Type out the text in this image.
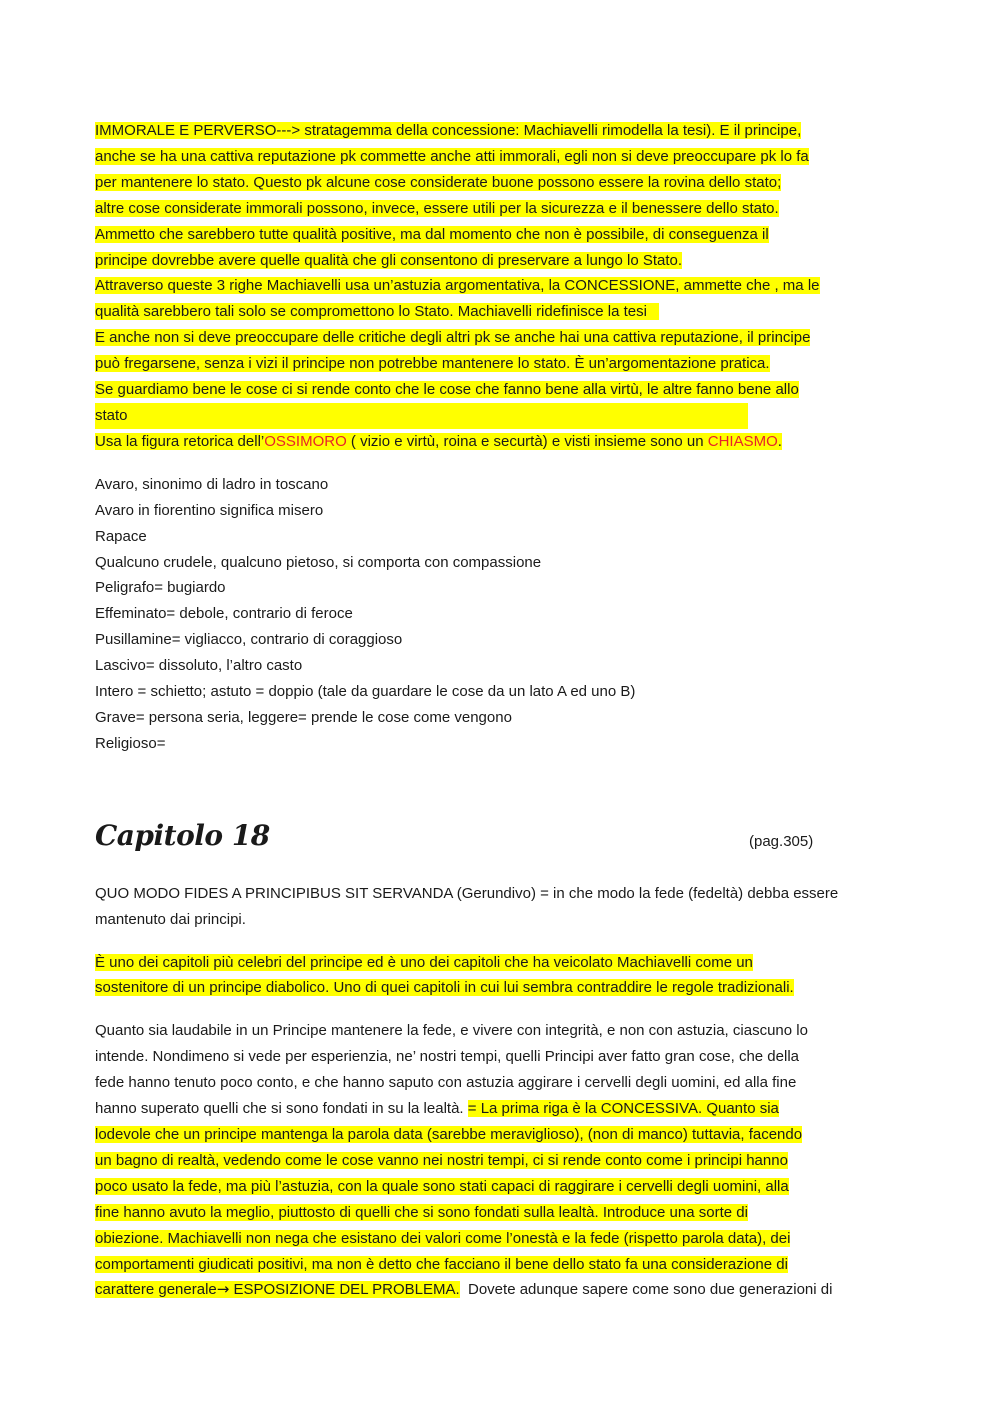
IMMORALE E PERVERSO---> stratagemma della concessione: Machiavelli rimodella la tesi). E il principe,
anche se ha una cattiva reputazione pk commette anche atti immorali, egli non si deve preoccupare pk lo fa
per mantenere lo stato. Questo pk alcune cose considerate buone possono essere la rovina dello stato;
altre cose considerate immorali possono, invece, essere utili per la sicurezza e il benessere dello stato.
Ammetto che sarebbero tutte qualità positive, ma dal momento che non è possibile, di conseguenza il
principe dovrebbe avere quelle qualità che gli consentono di preservare a lungo lo Stato.
Attraverso queste 3 righe Machiavelli usa un’astuzia argomentativa, la CONCESSIONE, ammette che , ma le
qualità sarebbero tali solo se compromettono lo Stato. Machiavelli ridefinisce la tesi
E anche non si deve preoccupare delle critiche degli altri pk se anche hai una cattiva reputazione, il principe
può fregarsene, senza i vizi il principe non potrebbe mantenere lo stato. È un’argomentazione pratica.
Se guardiamo bene le cose ci si rende conto che le cose che fanno bene alla virtù, le altre fanno bene allo
stato
Usa la figura retorica dell’OSSIMORO ( vizio e virtù, roina e securtà) e visti insieme sono un CHIASMO.
Avaro, sinonimo di ladro in toscano
Avaro in fiorentino significa misero
Rapace
Qualcuno crudele, qualcuno pietoso, si comporta con compassione
Peligrafo= bugiardo
Effeminato= debole, contrario di feroce
Pusillamine= vigliacco, contrario di coraggioso
Lascivo= dissoluto, l’altro casto
Intero = schietto; astuto = doppio (tale da guardare le cose da un lato A ed uno B)
Grave= persona seria, leggere= prende le cose come vengono
Religioso=
Capitolo 18	(pag.305)
QUO MODO FIDES A PRINCIPIBUS SIT SERVANDA (Gerundivo) = in che modo la fede (fedeltà) debba essere
mantenuto dai principi.
È uno dei capitoli più celebri del principe ed è uno dei capitoli che ha veicolato Machiavelli come un
sostenitore di un principe diabolico. Uno di quei capitoli in cui lui sembra contraddire le regole tradizionali.
Quanto sia laudabile in un Principe mantenere la fede, e vivere con integrità, e non con astuzia, ciascuno lo
intende. Nondimeno si vede per esperienzia, ne’ nostri tempi, quelli Principi aver fatto gran cose, che della
fede hanno tenuto poco conto, e che hanno saputo con astuzia aggirare i cervelli degli uomini, ed alla fine
hanno superato quelli che si sono fondati in su la lealtà. = La prima riga è la CONCESSIVA. Quanto sia
lodevole che un principe mantenga la parola data (sarebbe meraviglioso), (non di manco) tuttavia, facendo
un bagno di realtà, vedendo come le cose vanno nei nostri tempi, ci si rende conto come i principi hanno
poco usato la fede, ma più l’astuzia, con la quale sono stati capaci di raggirare i cervelli degli uomini, alla
fine hanno avuto la meglio, piuttosto di quelli che si sono fondati sulla lealtà. Introduce una sorte di
obiezione. Machiavelli non nega che esistano dei valori come l’onestà e la fede (rispetto parola data), dei
comportamenti giudicati positivi, ma non è detto che facciano il bene dello stato fa una considerazione di
carattere generale→ ESPOSIZIONE DEL PROBLEMA.  Dovete adunque sapere come sono due generazioni di
